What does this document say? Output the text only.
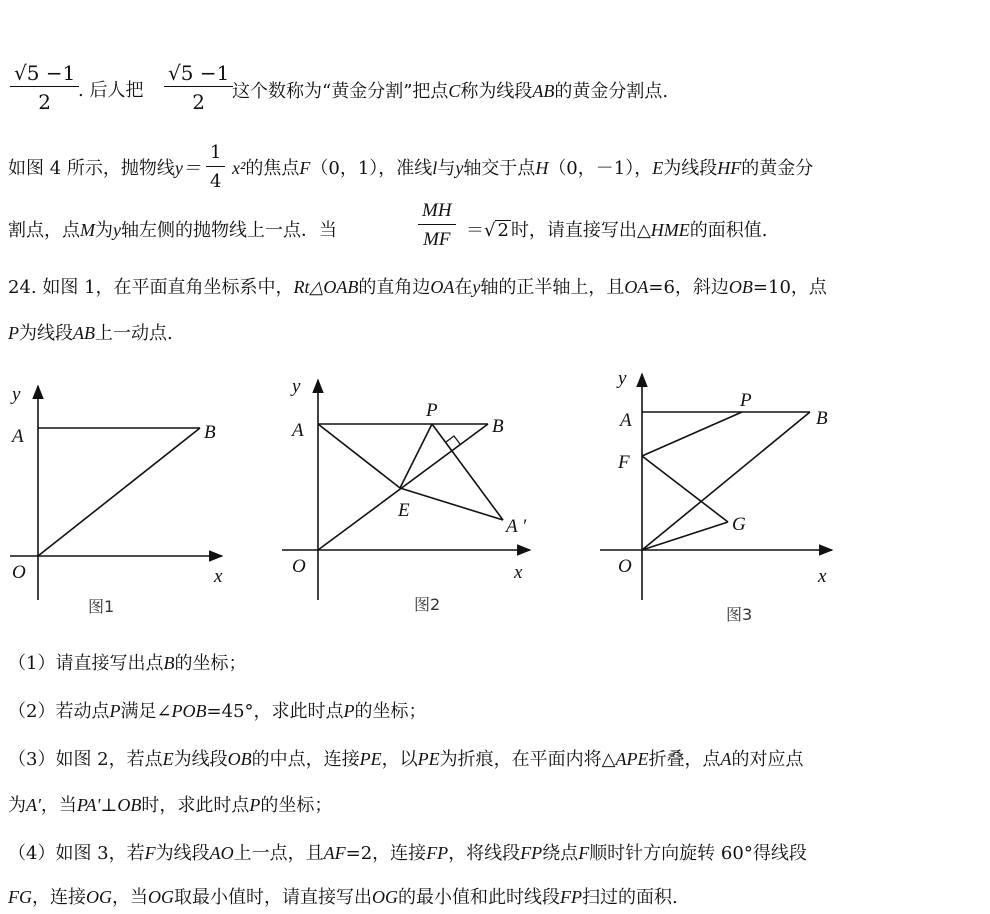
√5 −1
2 . 后人把
√5 −1
2 这个数称为“黄金分割”把点C称为线段AB的黄金分割点.
如图 4 所示，抛物线y＝
1
4
x²的焦点F（0，1），准线l与y轴交于点H（0，－1），E为线段HF的黄金分
割点，点M为y轴左侧的抛物线上一点．当
MH
MF ＝√ 2 时，请直接写出△HME的面积值.
24. 如图 1，在平面直角坐标系中，Rt△OAB的直角边OA在y轴的正半轴上，且OA=6，斜边OB=10，点
P为线段AB上一动点.
y
A	B
O	x
图1
y
A
P
B
E
A ′
O	x
图2
y
A
P
B
F
G
O	x
图3
（1）请直接写出点B的坐标；
（2）若动点P满足∠POB=45°，求此时点P的坐标；
（3）如图 2，若点E为线段OB的中点，连接PE，以PE为折痕，在平面内将△APE折叠，点A的对应点
为A'，当PA'⊥OB时，求此时点P的坐标；
（4）如图 3，若F为线段AO上一点，且AF=2，连接FP，将线段FP绕点F顺时针方向旋转 60°得线段
FG，连接OG，当OG取最小值时，请直接写出OG的最小值和此时线段FP扫过的面积.
